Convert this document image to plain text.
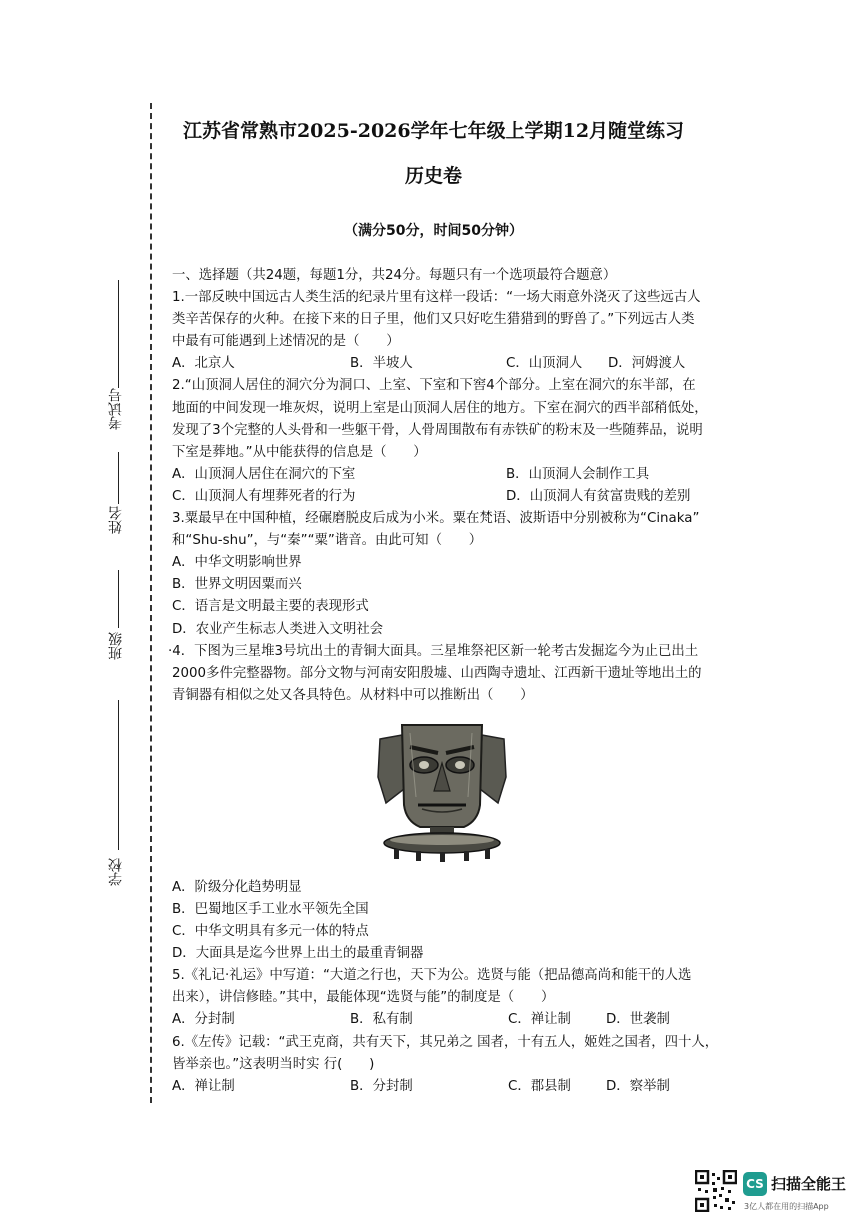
考试号
姓名
班级
学校
江苏省常熟市2025-2026学年七年级上学期12月随堂练习
历史卷
（满分50分，时间50分钟）
一、选择题（共24题，每题1分，共24分。每题只有一个选项最符合题意）
1.一部反映中国远古人类生活的纪录片里有这样一段话：“一场大雨意外浇灭了这些远古人
类辛苦保存的火种。在接下来的日子里，他们又只好吃生猎猎到的野兽了。”下列远古人类
中最有可能遇到上述情况的是（　　）
A．北京人	B．半坡人	C．山顶洞人	D．河姆渡人
2.“山顶洞人居住的洞穴分为洞口、上室、下室和下窖4个部分。上室在洞穴的东半部，在
地面的中间发现一堆灰烬，说明上室是山顶洞人居住的地方。下室在洞穴的西半部稍低处，
发现了3个完整的人头骨和一些躯干骨，人骨周围散布有赤铁矿的粉末及一些随葬品，说明
下室是葬地。”从中能获得的信息是（　　）
A．山顶洞人居住在洞穴的下室	B．山顶洞人会制作工具
C．山顶洞人有埋葬死者的行为	D．山顶洞人有贫富贵贱的差别
3.粟最早在中国种植，经碾磨脱皮后成为小米。粟在梵语、波斯语中分别被称为“Cinaka”
和“Shu-shu”，与“秦”“粟”谐音。由此可知（　　）
A．中华文明影响世界
B．世界文明因粟而兴
C．语言是文明最主要的表现形式
D．农业产生标志人类进入文明社会
·4．下图为三星堆3号坑出土的青铜大面具。三星堆祭祀区新一轮考古发掘迄今为止已出土
2000多件完整器物。部分文物与河南安阳殷墟、山西陶寺遗址、江西新干遗址等地出土的
青铜器有相似之处又各具特色。从材料中可以推断出（　　）
A．阶级分化趋势明显
B．巴蜀地区手工业水平领先全国
C．中华文明具有多元一体的特点
D．大面具是迄今世界上出土的最重青铜器
5.《礼记·礼运》中写道：“大道之行也，天下为公。选贤与能（把品德高尚和能干的人选
出来），讲信修睦。”其中，最能体现“选贤与能”的制度是（　　）
A．分封制	B．私有制	C．禅让制	D．世袭制
6.《左传》记载：“武王克商，共有天下，其兄弟之 国者，十有五人，姬姓之国者，四十人，
皆举亲也。”这表明当时实 行(　　)
A．禅让制	B．分封制	C．郡县制	D．察举制
CS 扫描全能王
3亿人都在用的扫描App
